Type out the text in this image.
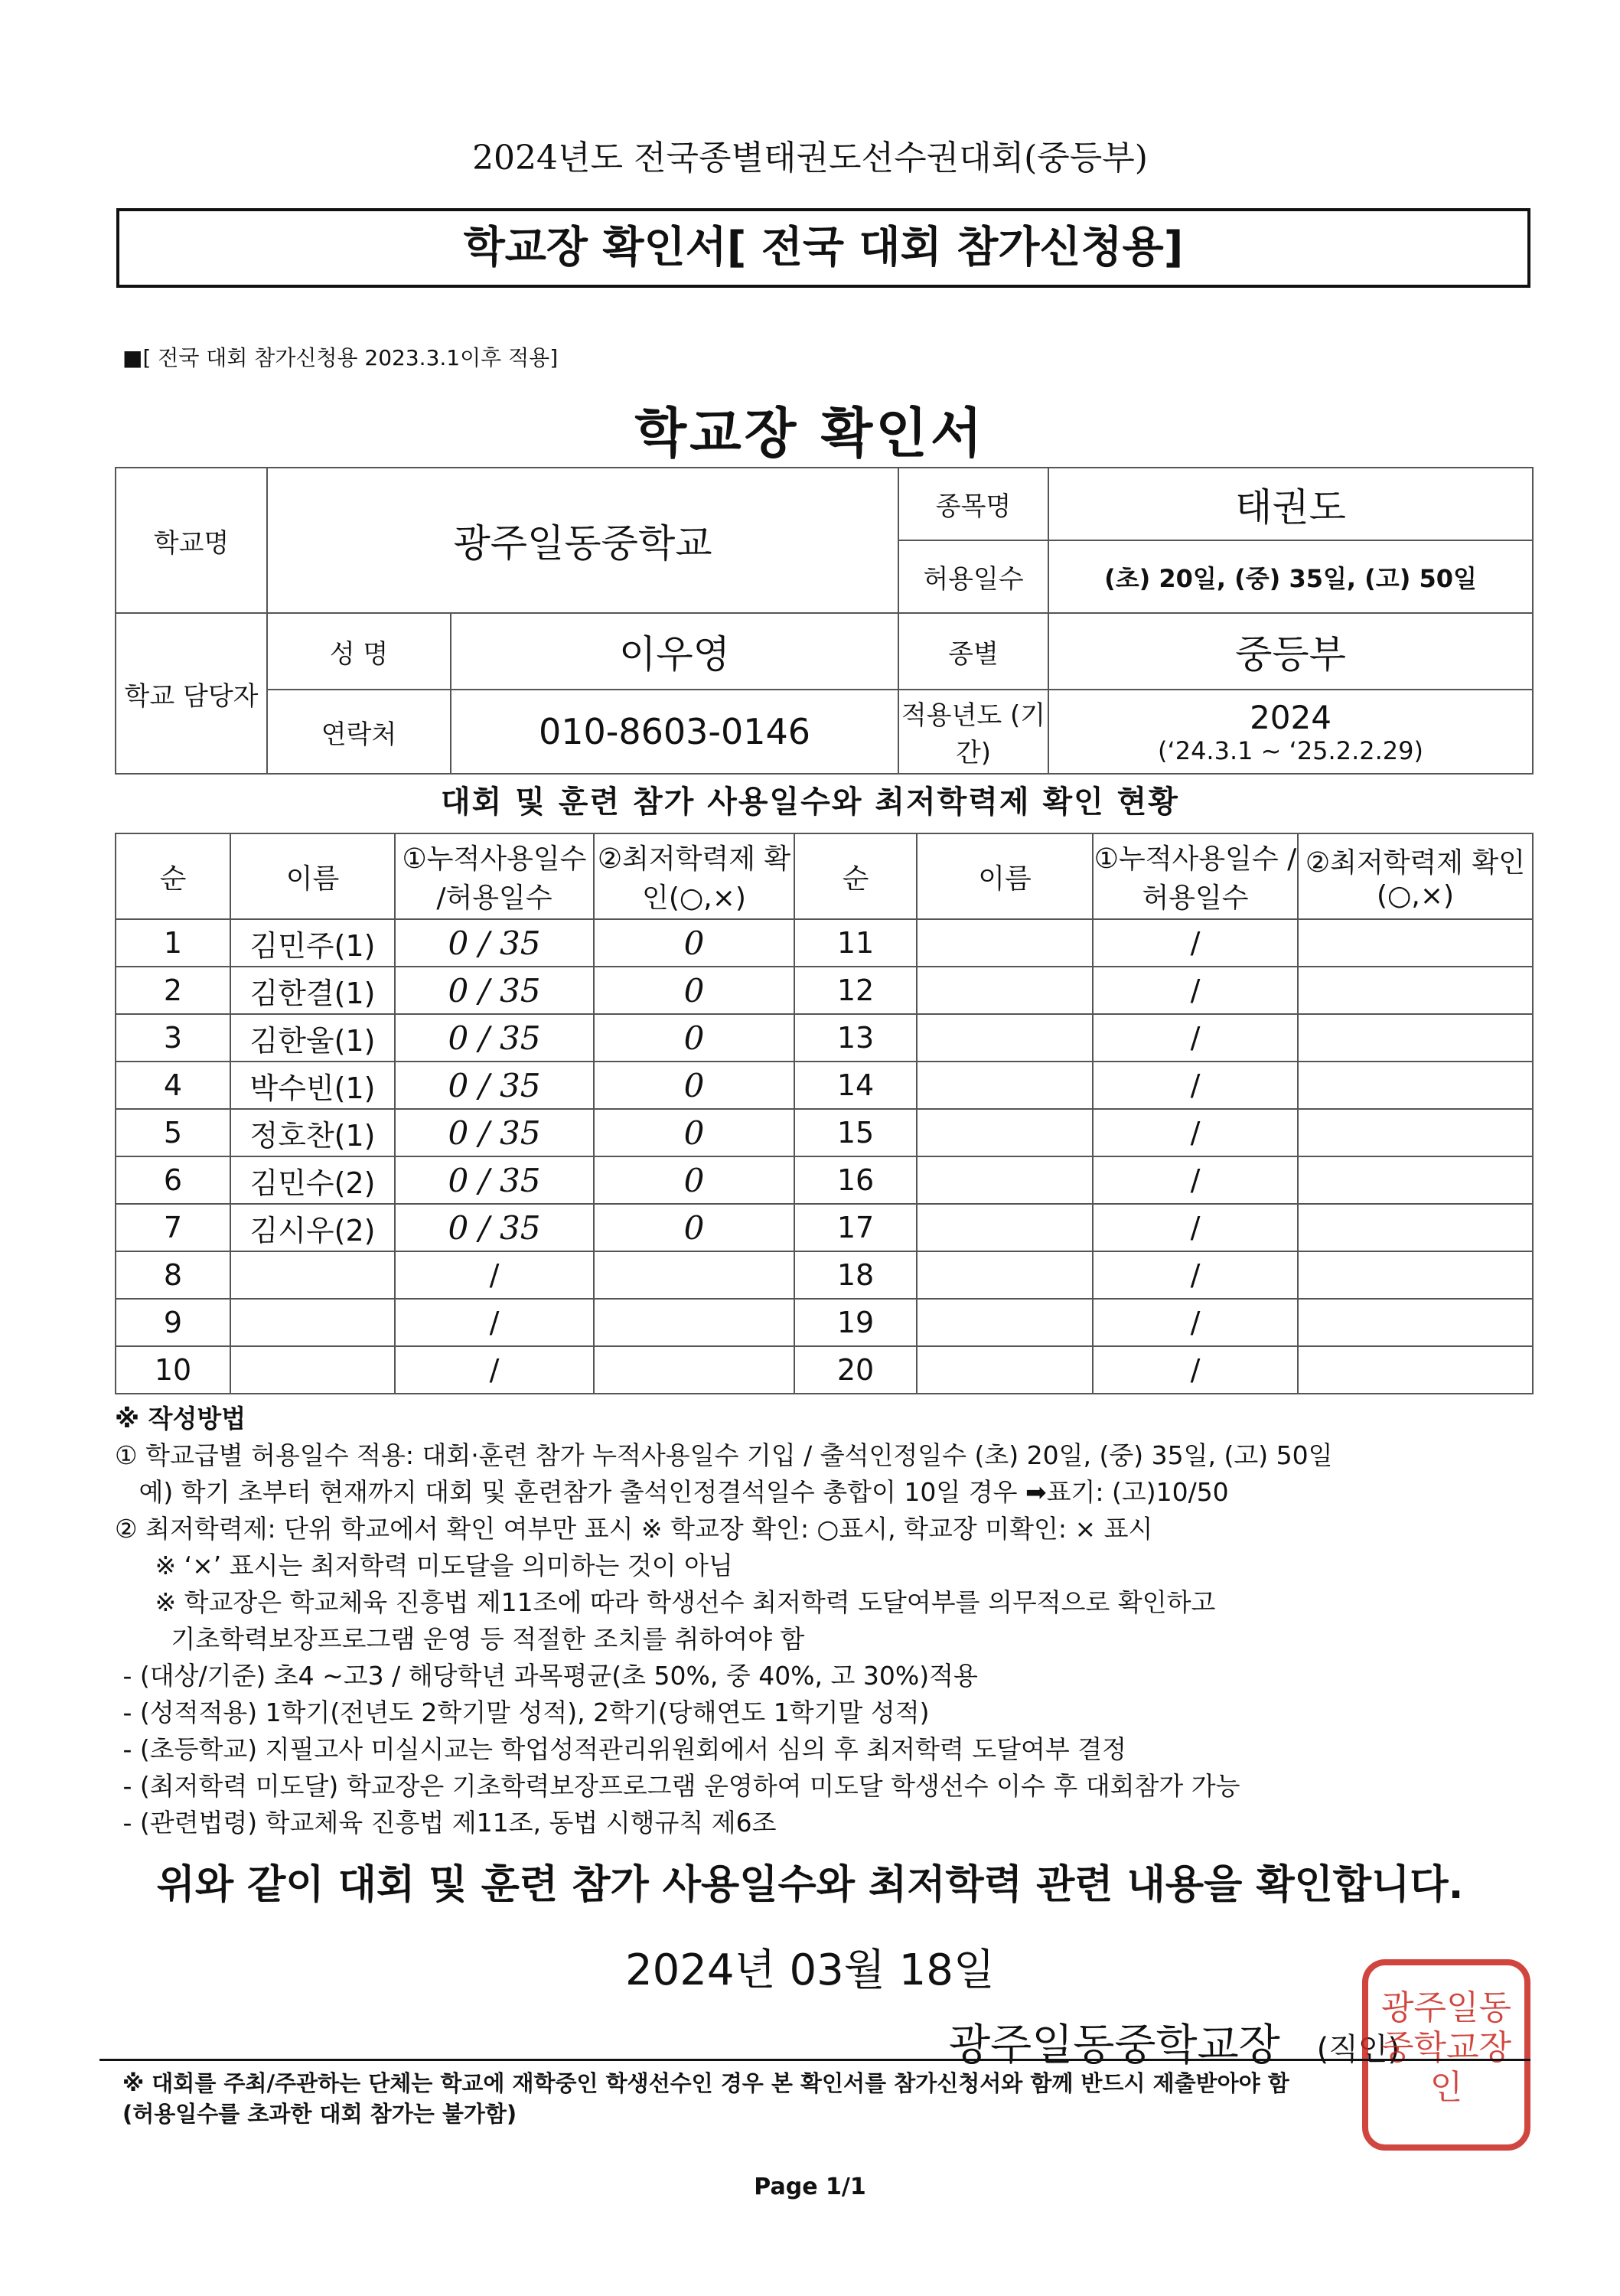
2024년도 전국종별태권도선수권대회(중등부)
학교장 확인서[ 전국 대회 참가신청용]
■[ 전국 대회 참가신청용 2023.3.1이후 적용]
학교장 확인서
학교명	광주일동중학교		종목명	태권도
			허용일수	(초) 20일, (중) 35일, (고) 50일
학교 담당자	성 명	이우영	종별	중등부
	연락처	010-8603-0146	적용년도 (기간)	2024
(‘24.3.1 ~ ‘25.2.2.29)
대회 및 훈련 참가 사용일수와 최저학력제 확인 현황
순	이름	①누적사용일수 /허용일수	②최저학력제 확인(○,×)	순	이름	①누적사용일수 /허용일수	②최저학력제 확인(○,×)
1	김민주(1)	0 / 35	0	11		/	
2	김한결(1)	0 / 35	0	12		/	
3	김한울(1)	0 / 35	0	13		/	
4	박수빈(1)	0 / 35	0	14		/	
5	정호찬(1)	0 / 35	0	15		/	
6	김민수(2)	0 / 35	0	16		/	
7	김시우(2)	0 / 35	0	17		/	
8		/		18		/	
9		/		19		/	
10		/		20		/	
※ 작성방법
① 학교급별 허용일수 적용: 대회·훈련 참가 누적사용일수 기입 / 출석인정일수 (초) 20일, (중) 35일, (고) 50일
예) 학기 초부터 현재까지 대회 및 훈련참가 출석인정결석일수 총합이 10일 경우 ➡표기: (고)10/50
② 최저학력제: 단위 학교에서 확인 여부만 표시 ※ 학교장 확인: ○표시, 학교장 미확인: × 표시
※ ‘×’ 표시는 최저학력 미도달을 의미하는 것이 아님
※ 학교장은 학교체육 진흥법 제11조에 따라 학생선수 최저학력 도달여부를 의무적으로 확인하고
기초학력보장프로그램 운영 등 적절한 조치를 취하여야 함
- (대상/기준) 초4 ~고3 / 해당학년 과목평균(초 50%, 중 40%, 고 30%)적용
- (성적적용) 1학기(전년도 2학기말 성적), 2학기(당해연도 1학기말 성적)
- (초등학교) 지필고사 미실시교는 학업성적관리위원회에서 심의 후 최저학력 도달여부 결정
- (최저학력 미도달) 학교장은 기초학력보장프로그램 운영하여 미도달 학생선수 이수 후 대회참가 가능
- (관련법령) 학교체육 진흥법 제11조, 동법 시행규칙 제6조
위와 같이 대회 및 훈련 참가 사용일수와 최저학력 관련 내용을 확인합니다.
2024년 03월 18일
광주일동중학교장 (직인)
광주일동중학교장인
※ 대회를 주최/주관하는 단체는 학교에 재학중인 학생선수인 경우 본 확인서를 참가신청서와 함께 반드시 제출받아야 함
(허용일수를 초과한 대회 참가는 불가함)
Page 1/1
